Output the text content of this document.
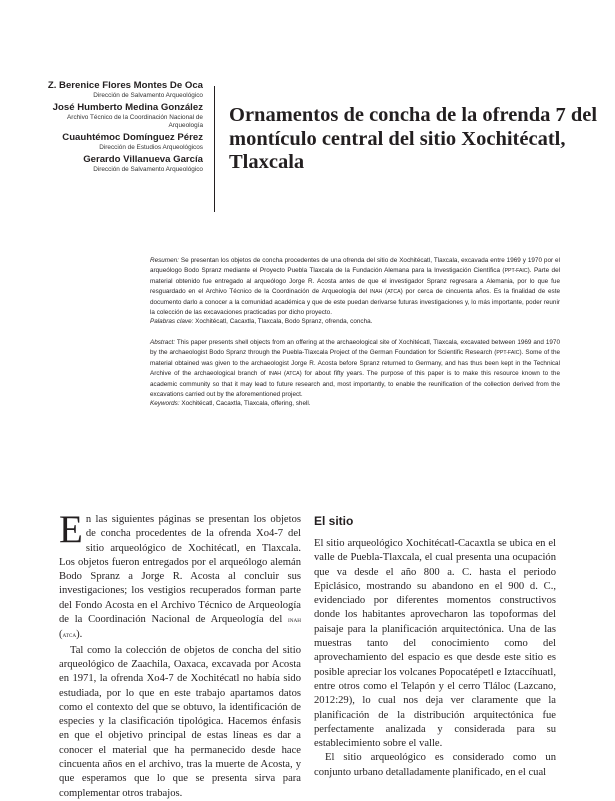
Z. Berenice Flores Montes De Oca
Dirección de Salvamento Arqueológico
José Humberto Medina González
Archivo Técnico de la Coordinación Nacional de Arqueología
Cuauhtémoc Domínguez Pérez
Dirección de Estudios Arqueológicos
Gerardo Villanueva García
Dirección de Salvamento Arqueológico
Ornamentos de concha de la ofrenda 7 del montículo central del sitio Xochitécatl, Tlaxcala

Resumen: Se presentan los objetos de concha procedentes de una ofrenda del sitio de Xochitécatl, Tlaxcala, excavada entre 1969 y 1970 por el arqueólogo Bodo Spranz mediante el Proyecto Puebla Tlaxcala de la Fundación Alemana para la Investigación Científica (PPT-FAIC). Parte del material obtenido fue entregado al arqueólogo Jorge R. Acosta antes de que el investigador Spranz regresara a Alemania, por lo que fue resguardado en el Archivo Técnico de la Coordinación de Arqueología del INAH (ATCA) por cerca de cincuenta años. Es la finalidad de este documento darlo a conocer a la comunidad académica y que de este puedan derivarse futuras investigaciones y, lo más importante, poder reunir la colección de las excavaciones practicadas por dicho proyecto.

Palabras clave: Xochitécatl, Cacaxtla, Tlaxcala, Bodo Spranz, ofrenda, concha.

Abstract: This paper presents shell objects from an offering at the archaeological site of Xochitécatl, Tlaxcala, excavated between 1969 and 1970 by the archaeologist Bodo Spranz through the Puebla-Tlaxcala Project of the German Foundation for Scientific Research (PPT-FAIC). Some of the material obtained was given to the archaeologist Jorge R. Acosta before Spranz returned to Germany, and has thus been kept in the Technical Archive of the archaeological branch of INAH (ATCA) for about fifty years. The purpose of this paper is to make this resource known to the academic community so that it may lead to future research and, most importantly, to enable the reunification of the collection derived from the excavations carried out by the aforementioned project.

Keywords: Xochitécatl, Cacaxtla, Tlaxcala, offering, shell.

En las siguientes páginas se presentan los objetos de concha procedentes de la ofrenda Xo4-7 del sitio arqueológico de Xochitécatl, en Tlaxcala. Los objetos fueron entregados por el arqueólogo alemán Bodo Spranz a Jorge R. Acosta al concluir sus investigaciones; los vestigios recuperados forman parte del Fondo Acosta en el Archivo Técnico de Arqueología de la Coordinación Nacional de Arqueología del INAH (ATCA).

Tal como la colección de objetos de concha del sitio arqueológico de Zaachila, Oaxaca, excavada por Acosta en 1971, la ofrenda Xo4-7 de Xochitécatl no había sido estudiada, por lo que en este trabajo apartamos datos como el contexto del que se obtuvo, la identificación de especies y la clasificación tipológica. Hacemos énfasis en que el objetivo principal de estas líneas es dar a conocer el material que ha permanecido desde hace cincuenta años en el archivo, tras la muerte de Acosta, y que esperamos que lo que se presenta sirva para complementar otros trabajos.

El sitio

El sitio arqueológico Xochitécatl-Cacaxtla se ubica en el valle de Puebla-Tlaxcala, el cual presenta una ocupación que va desde el año 800 a. C. hasta el periodo Epiclásico, mostrando su abandono en el 900 d. C., evidenciado por diferentes momentos constructivos donde los habitantes aprovecharon las topoformas del paisaje para la planificación arquitectónica. Una de las muestras tanto del conocimiento como del aprovechamiento del espacio es que desde este sitio es posible apreciar los volcanes Popocatépetl e Iztaccíhuatl, entre otros como el Telapón y el cerro Tláloc (Lazcano, 2012:29), lo cual nos deja ver claramente que la planificación de la distribución arquitectónica fue perfectamente analizada y considerada para su establecimiento sobre el valle.

El sitio arqueológico es considerado como un conjunto urbano detalladamente planificado, en el cual
